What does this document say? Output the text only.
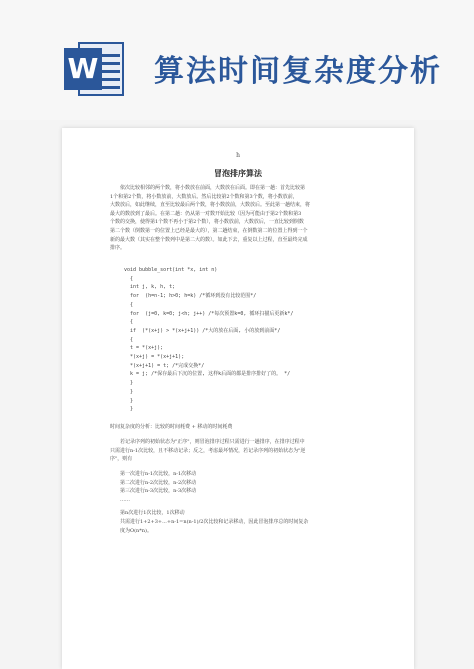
W 算法时间复杂度分析
h
冒泡排序算法
依次比较相邻的两个数，将小数放在前面，大数放在后面。即在第一趟：首先比较第
1个和第2个数，将小数放前，大数放后。然后比较第2个数和第3个数，将小数放前，
大数放后，如此继续，直至比较最后两个数，将小数放前，大数放后。至此第一趟结束，将
最大的数放到了最后。在第二趟：仍从第一对数开始比较（因为可能由于第2个数和第3
个数的交换，使得第1个数不再小于第2个数），将小数放前，大数放后，一直比较到倒数
第二个数（倒数第一的位置上已经是最大的），第二趟结束，在倒数第二的位置上得到一个
新的最大数（其实在整个数列中是第二大的数）。如此下去，重复以上过程，直至最终完成
排序。
void bubble_sort(int *x, int n)
{
int j, k, h, t;
for  (h=n-1; h>0; h=k) /*循环到没有比较范围*/
{
for  (j=0, k=0; j<h; j++) /*每次预置k=0, 循环扫描后更新k*/
{
if  (*(x+j) > *(x+j+1)) /*大的放在后面, 小的放到前面*/
{
t = *(x+j);
*(x+j) = *(x+j+1);
*(x+j+1) = t; /*完成交换*/
k = j; /*保存最后下沉的位置, 这样k后面的都是排序排好了的。 */
}
}
}
}
时间复杂度的分析：比较的时间耗费 + 移动的时间耗费
若记录序列的初始状态为"正序"，则冒泡排序过程只需进行一趟排序，在排序过程中
只需进行n-1次比较，且不移动记录；反之，考虑最坏情况，若记录序列的初始状态为"逆
序"，则有
第一次进行n-1次比较，n-1次移动
第二次进行n-2次比较，n-2次移动
第三次进行n-3次比较，n-3次移动
……
第n次进行1次比较，1次移动
共需进行1+2+3+...+n-1=n(n-1)/2次比较和记录移动，因此冒泡排序总的时间复杂
度为O(n*n)。
